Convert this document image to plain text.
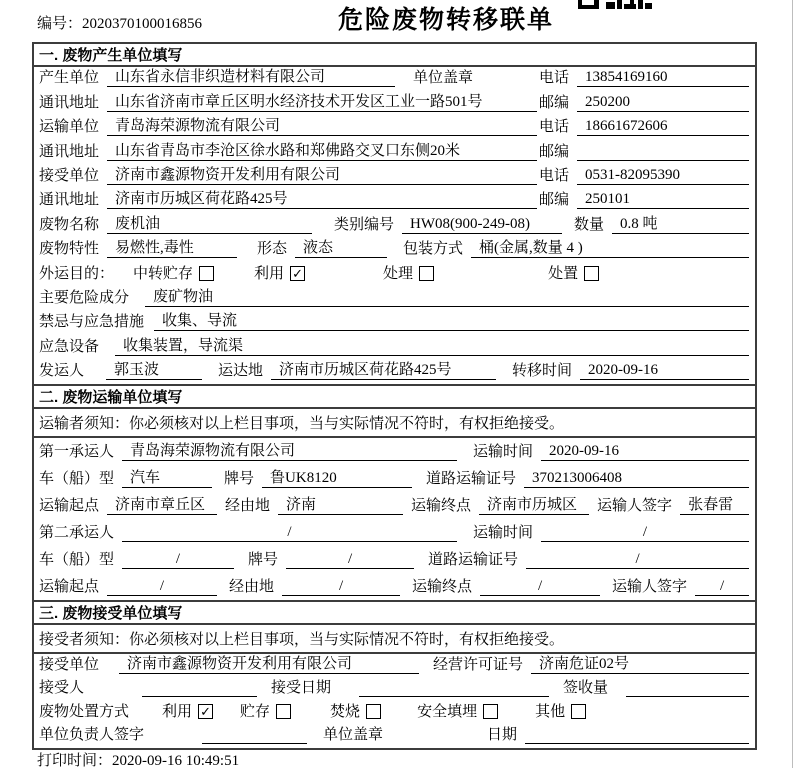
编号：2020370100016856	危险废物转移联单
一. 废物产生单位填写
产生单位	山东省永信非织造材料有限公司	单位盖章	电话	13854169160
通讯地址	山东省济南市章丘区明水经济技术开发区工业一路501号	邮编	250200
运输单位	青岛海荣源物流有限公司	电话	18661672606
通讯地址	山东省青岛市李沧区徐水路和郑佛路交叉口东侧20米	邮编
接受单位	济南市鑫源物资开发利用有限公司	电话	0531-82095390
通讯地址	济南市历城区荷花路425号	邮编	250101
废物名称	废机油	类别编号	HW08(900-249-08)	数量	0.8 吨
废物特性	易燃性,毒性	形态	液态	包装方式	桶(金属,数量 4 )
外运目的： 中转贮存	利用 ✓	处理	处置
主要危险成分	废矿物油
禁忌与应急措施	收集、导流
应急设备	收集装置，导流渠
发运人	郭玉波	运达地	济南市历城区荷花路425号	转移时间	2020-09-16
二. 废物运输单位填写
运输者须知：你必须核对以上栏目事项，当与实际情况不符时，有权拒绝接受。
第一承运人	青岛海荣源物流有限公司	运输时间	2020-09-16
车（船）型	汽车	牌号	鲁UK8120	道路运输证号	370213006408
运输起点	济南市章丘区	经由地	济南	运输终点	济南市历城区	运输人签字	张春雷
第二承运人	/	运输时间	/
车（船）型	/	牌号	/	道路运输证号	/
运输起点	/	经由地	/	运输终点	/	运输人签字	/
三. 废物接受单位填写
接受者须知：你必须核对以上栏目事项，当与实际情况不符时，有权拒绝接受。
接受单位	济南市鑫源物资开发利用有限公司	经营许可证号	济南危证02号
接受人	接受日期	签收量
废物处置方式 利用 ✓ 贮存	焚烧	安全填埋	其他
单位负责人签字	单位盖章	日期
打印时间：2020-09-16 10:49:51
